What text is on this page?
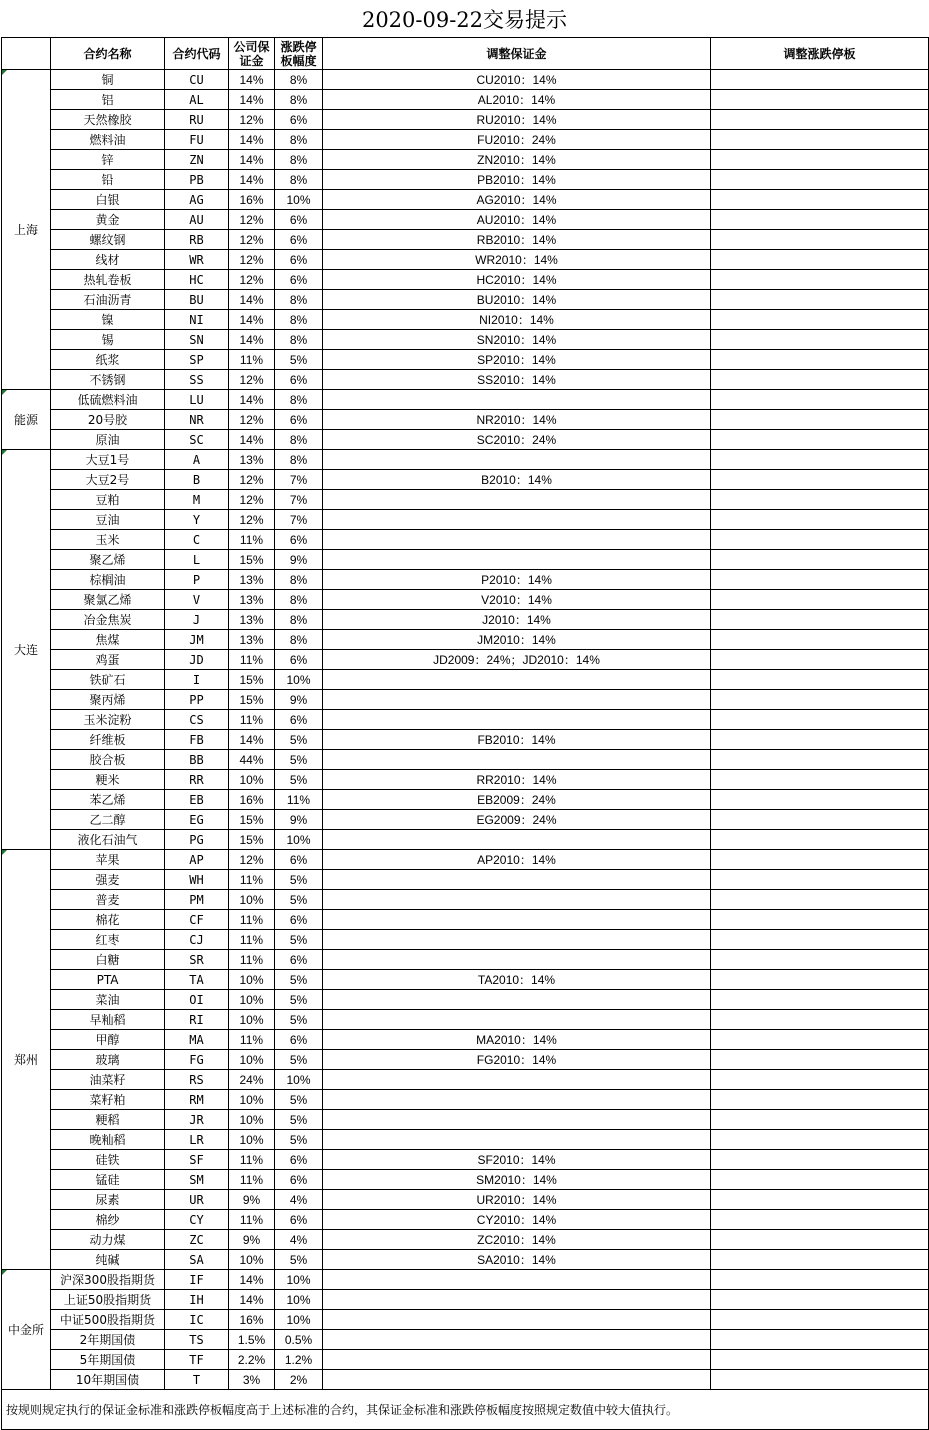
2020-09-22交易提示
	合约名称	合约代码	公司保证金	涨跌停板幅度	调整保证金	调整涨跌停板

上海	铜	CU	14%	8%	CU2010：14%	
	铝	AL	14%	8%	AL2010：14%	
	天然橡胶	RU	12%	6%	RU2010：14%	
	燃料油	FU	14%	8%	FU2010：24%	
	锌	ZN	14%	8%	ZN2010：14%	
	铅	PB	14%	8%	PB2010：14%	
	白银	AG	16%	10%	AG2010：14%	
	黄金	AU	12%	6%	AU2010：14%	
	螺纹钢	RB	12%	6%	RB2010：14%	
	线材	WR	12%	6%	WR2010：14%	
	热轧卷板	HC	12%	6%	HC2010：14%	
	石油沥青	BU	14%	8%	BU2010：14%	
	镍	NI	14%	8%	NI2010：14%	
	锡	SN	14%	8%	SN2010：14%	
	纸浆	SP	11%	5%	SP2010：14%	
	不锈钢	SS	12%	6%	SS2010：14%	

能源	低硫燃料油	LU	14%	8%		
	20号胶	NR	12%	6%	NR2010：14%	
	原油	SC	14%	8%	SC2010：24%	

大连	大豆1号	A	13%	8%		
	大豆2号	B	12%	7%	B2010：14%	
	豆粕	M	12%	7%		
	豆油	Y	12%	7%		
	玉米	C	11%	6%		
	聚乙烯	L	15%	9%		
	棕榈油	P	13%	8%	P2010：14%	
	聚氯乙烯	V	13%	8%	V2010：14%	
	冶金焦炭	J	13%	8%	J2010：14%	
	焦煤	JM	13%	8%	JM2010：14%	
	鸡蛋	JD	11%	6%	JD2009：24%；JD2010：14%	
	铁矿石	I	15%	10%		
	聚丙烯	PP	15%	9%		
	玉米淀粉	CS	11%	6%		
	纤维板	FB	14%	5%	FB2010：14%	
	胶合板	BB	44%	5%		
	粳米	RR	10%	5%	RR2010：14%	
	苯乙烯	EB	16%	11%	EB2009：24%	
	乙二醇	EG	15%	9%	EG2009：24%	
	液化石油气	PG	15%	10%		

郑州	苹果	AP	12%	6%	AP2010：14%	
	强麦	WH	11%	5%		
	普麦	PM	10%	5%		
	棉花	CF	11%	6%		
	红枣	CJ	11%	5%		
	白糖	SR	11%	6%		
	PTA	TA	10%	5%	TA2010：14%	
	菜油	OI	10%	5%		
	早籼稻	RI	10%	5%		
	甲醇	MA	11%	6%	MA2010：14%	
	玻璃	FG	10%	5%	FG2010：14%	
	油菜籽	RS	24%	10%		
	菜籽粕	RM	10%	5%		
	粳稻	JR	10%	5%		
	晚籼稻	LR	10%	5%		
	硅铁	SF	11%	6%	SF2010：14%	
	锰硅	SM	11%	6%	SM2010：14%	
	尿素	UR	9%	4%	UR2010：14%	
	棉纱	CY	11%	6%	CY2010：14%	
	动力煤	ZC	9%	4%	ZC2010：14%	
	纯碱	SA	10%	5%	SA2010：14%	

中金所	沪深300股指期货	IF	14%	10%		
	上证50股指期货	IH	14%	10%		
	中证500股指期货	IC	16%	10%		
	2年期国债	TS	1.5%	0.5%		
	5年期国债	TF	2.2%	1.2%		
	10年期国债	T	3%	2%		
按规则规定执行的保证金标准和涨跌停板幅度高于上述标准的合约，其保证金标准和涨跌停板幅度按照规定数值中较大值执行。						
